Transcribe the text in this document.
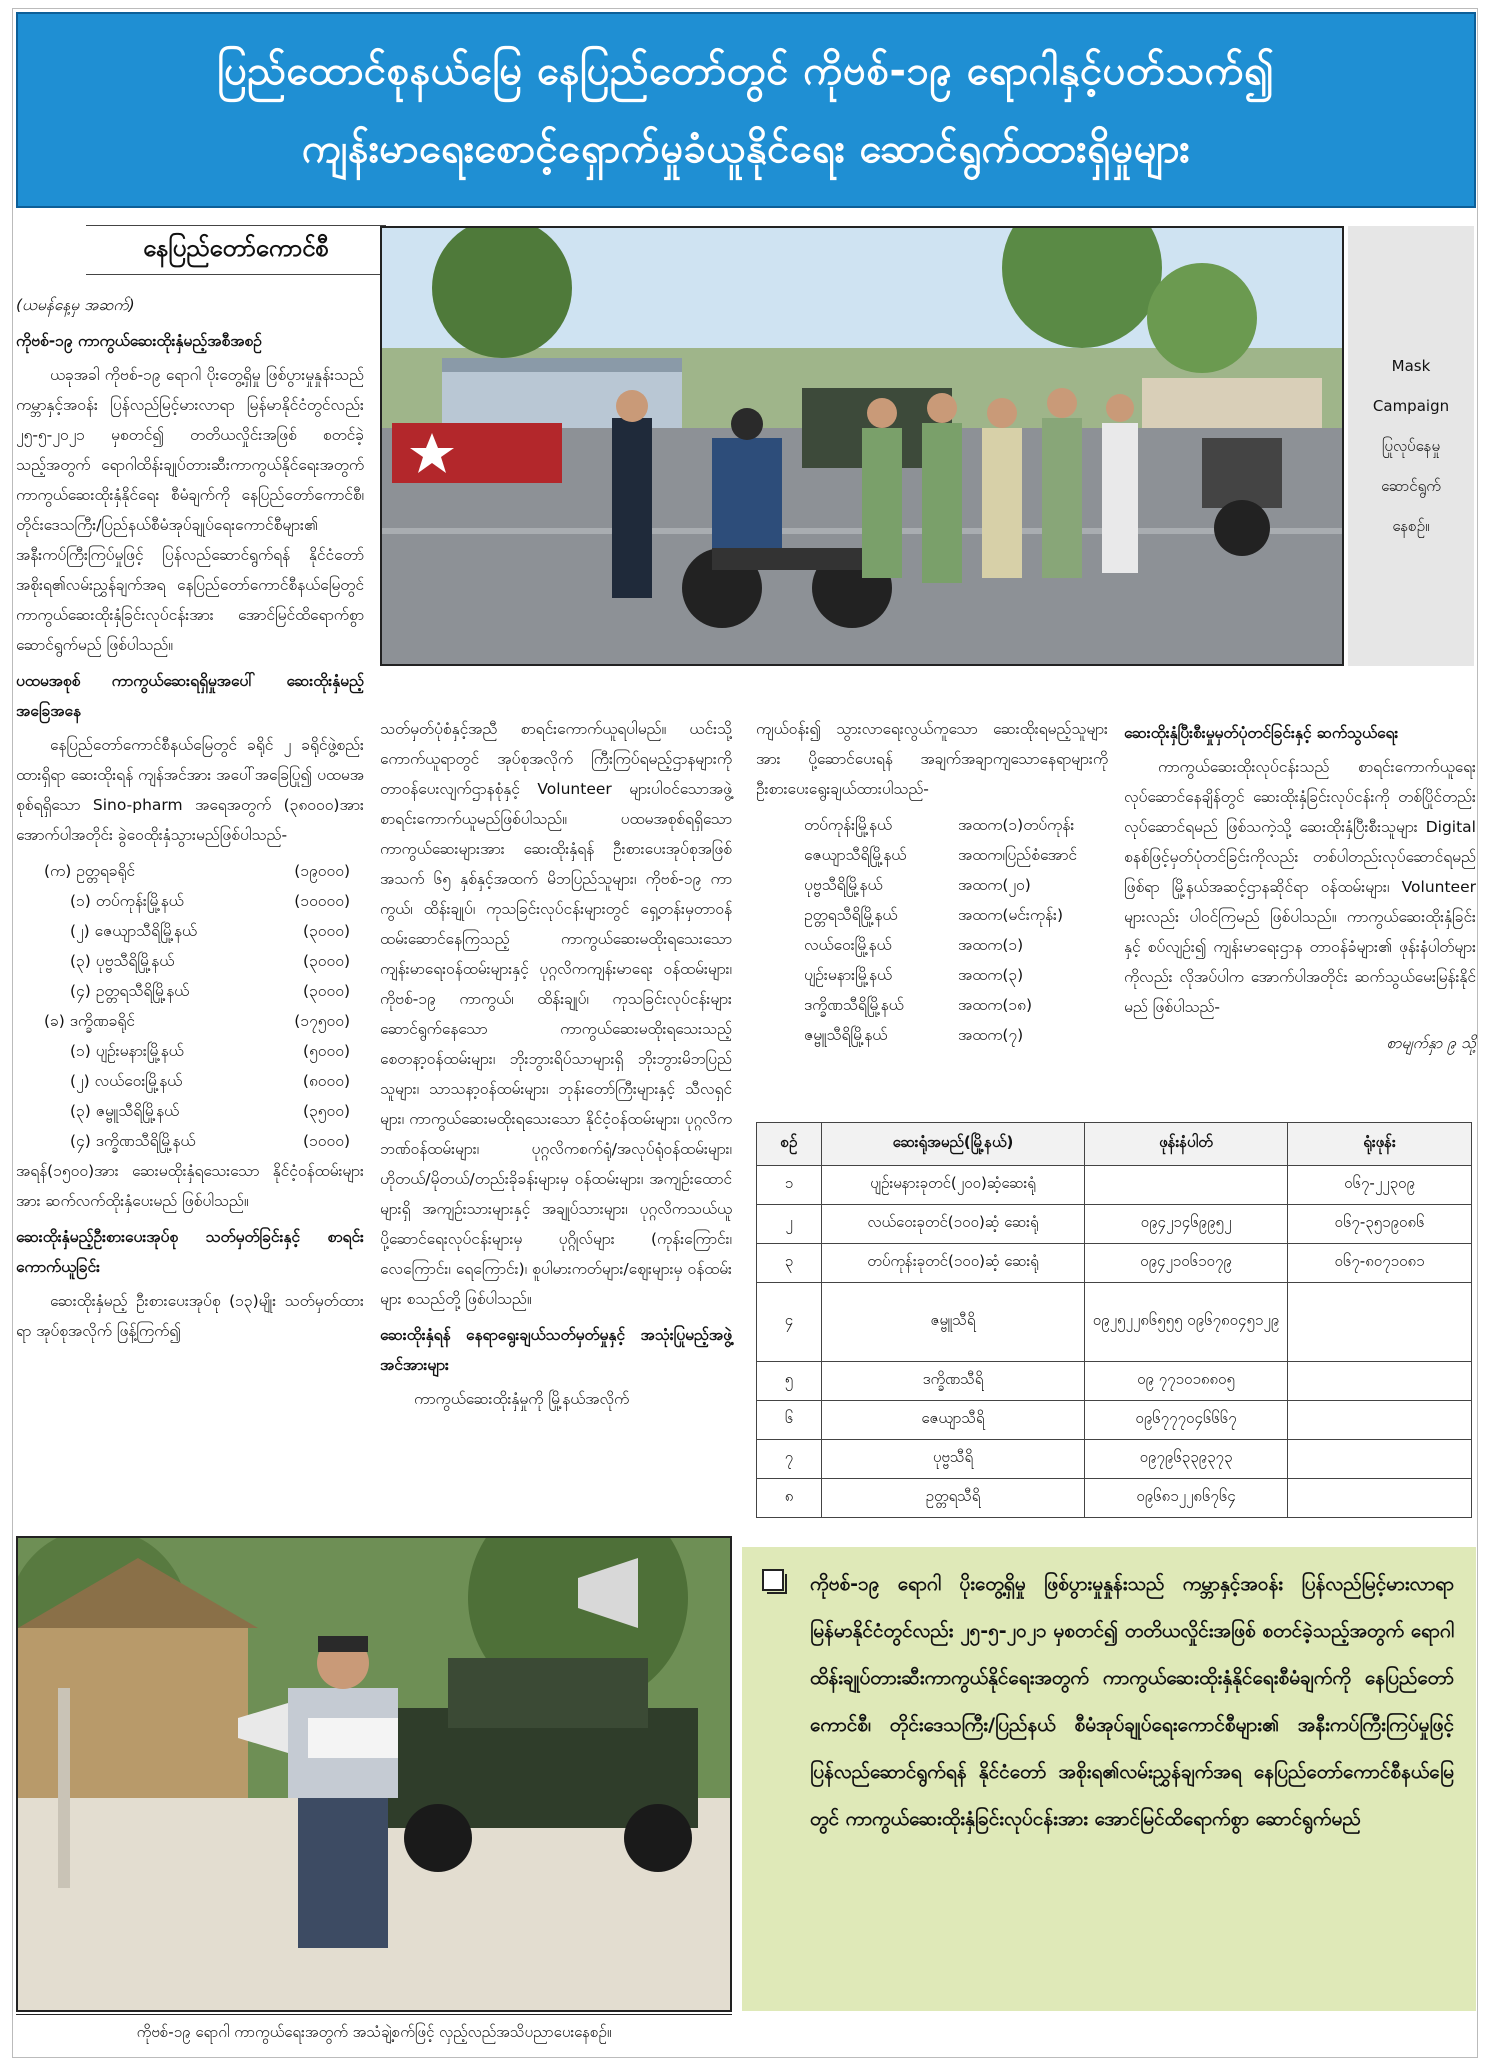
ပြည်ထောင်စုနယ်မြေ နေပြည်တော်တွင် ကိုဗစ်-၁၉ ရောဂါနှင့်ပတ်သက်၍
ကျန်းမာရေးစောင့်ရှောက်မှုခံယူနိုင်ရေး ဆောင်ရွက်ထားရှိမှုများ
နေပြည်တော်ကောင်စီ

(ယမန်နေ့မှ အဆက်)

ကိုဗစ်-၁၉ ကာကွယ်ဆေးထိုးနှံမည့်အစီအစဉ်

ယခုအခါ ကိုဗစ်-၁၉ ရောဂါ ပိုးတွေ့ရှိမှု ဖြစ်ပွားမှုနှုန်းသည် ကမ္ဘာနှင့်အဝန်း ပြန်လည်မြင့်မားလာရာ မြန်မာနိုင်ငံတွင်လည်း ၂၅-၅-၂၀၂၁ မှစတင်၍ တတိယလှိုင်းအဖြစ် စတင်ခဲ့သည့်အတွက် ရောဂါထိန်းချုပ်တားဆီးကာကွယ်နိုင်ရေးအတွက် ကာကွယ်ဆေးထိုးနှံနိုင်ရေး စီမံချက်ကို နေပြည်တော်ကောင်စီ၊ တိုင်းဒေသကြီး/ပြည်နယ်စီမံအုပ်ချုပ်ရေးကောင်စီများ၏ အနီးကပ်ကြီးကြပ်မှုဖြင့် ပြန်လည်ဆောင်ရွက်ရန် နိုင်ငံတော်အစိုးရ၏လမ်းညွှန်ချက်အရ နေပြည်တော်ကောင်စီနယ်မြေတွင် ကာကွယ်ဆေးထိုးနှံခြင်းလုပ်ငန်းအား အောင်မြင်ထိရောက်စွာ ဆောင်ရွက်မည် ဖြစ်ပါသည်။

ပထမအစုစ် ကာကွယ်ဆေးရရှိမှုအပေါ် ဆေးထိုးနှံမည့်အခြေအနေ

နေပြည်တော်ကောင်စီနယ်မြေတွင် ခရိုင် ၂ ခရိုင်ဖွဲ့စည်းထားရှိရာ ဆေးထိုးရန် ကျန်အင်အား အပေါ်အခြေပြု၍ ပထမအစုစ်ရရှိသော Sino-pharm အရေအတွက် (၃၈၀၀၀)အား အောက်ပါအတိုင်း ခွဲဝေထိုးနှံသွားမည်ဖြစ်ပါသည်-

(က) ဥတ္တရခရိုင်	(၁၉၀၀၀)
(၁) တပ်ကုန်းမြို့နယ်	(၁၀၀၀၀)
(၂) ဇေယျာသီရိမြို့နယ်	(၃၀၀၀)
(၃) ပုဗ္ဗသီရိမြို့နယ်	(၃၀၀၀)
(၄) ဥတ္တရသီရိမြို့နယ်	(၃၀၀၀)
(ခ) ဒက္ခိဏခရိုင်	(၁၇၅၀၀)
(၁) ပျဉ်းမနားမြို့နယ်	(၅၀၀၀)
(၂) လယ်ဝေးမြို့နယ်	(၈၀၀၀)
(၃) ဇမ္ဗူသီရိမြို့နယ်	(၃၅၀၀)
(၄) ဒက္ခိဏသီရိမြို့နယ်	(၁၀၀၀)

အရန်(၁၅၀၀)အား ဆေးမထိုးနှံရသေးသော နိုင်ငံ့ဝန်ထမ်းများအား ဆက်လက်ထိုးနှံပေးမည် ဖြစ်ပါသည်။

ဆေးထိုးနှံမည့်ဦးစားပေးအုပ်စု သတ်မှတ်ခြင်းနှင့် စာရင်းကောက်ယူခြင်း

ဆေးထိုးနှံမည့် ဦးစားပေးအုပ်စု (၁၃)မျိုး သတ်မှတ်ထားရာ အုပ်စုအလိုက် ဖြန့်ကြက်၍

Mask
Campaign
ပြုလုပ်နေမှု
ဆောင်ရွက်
နေစဉ်။

သတ်မှတ်ပုံစံနှင့်အညီ စာရင်းကောက်ယူရပါမည်။ ယင်းသို့ကောက်ယူရာတွင် အုပ်စုအလိုက် ကြီးကြပ်ရမည့်ဌာနများကို တာဝန်ပေးလျက်ဌာနစုံနှင့် Volunteer များပါဝင်သောအဖွဲ့ စာရင်းကောက်ယူမည်ဖြစ်ပါသည်။ ပထမအစုစ်ရရှိသော ကာကွယ်ဆေးများအား ဆေးထိုးနှံရန် ဦးစားပေးအုပ်စုအဖြစ် အသက် ၆၅ နှစ်နှင့်အထက် မိဘပြည်သူများ၊ ကိုဗစ်-၁၉ ကာကွယ်၊ ထိန်းချုပ်၊ ကုသခြင်းလုပ်ငန်းများတွင် ရှေ့တန်းမှတာဝန်ထမ်းဆောင်နေကြသည့် ကာကွယ်ဆေးမထိုးရသေးသော ကျန်းမာရေးဝန်ထမ်းများနှင့် ပုဂ္ဂလိကကျန်းမာရေး ဝန်ထမ်းများ၊ ကိုဗစ်-၁၉ ကာကွယ်၊ ထိန်းချုပ်၊ ကုသခြင်းလုပ်ငန်းများဆောင်ရွက်နေသော ကာကွယ်ဆေးမထိုးရသေးသည့် စေတနာ့ဝန်ထမ်းများ၊ ဘိုးဘွားရိပ်သာများရှိ ဘိုးဘွားမိဘပြည်သူများ၊ သာသနာ့ဝန်ထမ်းများ၊ ဘုန်းတော်ကြီးများနှင့် သီလရှင်များ၊ ကာကွယ်ဆေးမထိုးရသေးသော နိုင်ငံ့ဝန်ထမ်းများ၊ ပုဂ္ဂလိကဘဏ်ဝန်ထမ်းများ၊ ပုဂ္ဂလိကစက်ရုံ/အလုပ်ရုံဝန်ထမ်းများ၊ ဟိုတယ်/မိုတယ်/တည်းခိုခန်းများမှ ဝန်ထမ်းများ၊ အကျဉ်းထောင်များရှိ အကျဉ်းသားများနှင့် အချုပ်သားများ၊ ပုဂ္ဂလိကသယ်ယူပို့ဆောင်ရေးလုပ်ငန်းများမှ ပုဂ္ဂိုလ်များ (ကုန်းကြောင်း၊ လေကြောင်း၊ ရေကြောင်း)၊ စူပါမားကတ်များ/ဈေးများမှ ဝန်ထမ်းများ စသည်တို့ ဖြစ်ပါသည်။

ဆေးထိုးနှံရန် နေရာရွေးချယ်သတ်မှတ်မှုနှင့် အသုံးပြုမည့်အဖွဲ့အင်အားများ

ကာကွယ်ဆေးထိုးနှံမှုကို မြို့နယ်အလိုက်

ကျယ်ဝန်း၍ သွားလာရေးလွယ်ကူသော ဆေးထိုးရမည့်သူများအား ပို့ဆောင်ပေးရန် အချက်အချာကျသောနေရာများကို ဦးစားပေးရွေးချယ်ထားပါသည်-

တပ်ကုန်းမြို့နယ်	အထက(၁)တပ်ကုန်း
ဇေယျာသီရိမြို့နယ်	အထက၊ပြည်စံအောင်
ပုဗ္ဗသီရိမြို့နယ်	အထက(၂၀)
ဥတ္တရသီရိမြို့နယ်	အထက(မင်းကုန်း)
လယ်ဝေးမြို့နယ်	အထက(၁)
ပျဉ်းမနားမြို့နယ်	အထက(၃)
ဒက္ခိဏသီရိမြို့နယ်	အထက(၁၈)
ဇမ္ဗူသီရိမြို့နယ်	အထက(၇)

ဆေးထိုးနှံပြီးစီးမှုမှတ်ပုံတင်ခြင်းနှင့် ဆက်သွယ်ရေး

ကာကွယ်ဆေးထိုးလုပ်ငန်းသည် စာရင်းကောက်ယူရေးလုပ်ဆောင်နေချိန်တွင် ဆေးထိုးနှံခြင်းလုပ်ငန်းကို တစ်ပြိုင်တည်းလုပ်ဆောင်ရမည် ဖြစ်သကဲ့သို့ ဆေးထိုးနှံပြီးစီးသူများ Digital စနစ်ဖြင့်မှတ်ပုံတင်ခြင်းကိုလည်း တစ်ပါတည်းလုပ်ဆောင်ရမည်ဖြစ်ရာ မြို့နယ်အဆင့်ဌာနဆိုင်ရာ ဝန်ထမ်းများ၊ Volunteer များလည်း ပါဝင်ကြမည် ဖြစ်ပါသည်။ ကာကွယ်ဆေးထိုးနှံခြင်းနှင့် စပ်လျဉ်း၍ ကျန်းမာရေးဌာန တာဝန်ခံများ၏ ဖုန်းနံပါတ်များကိုလည်း လိုအပ်ပါက အောက်ပါအတိုင်း ဆက်သွယ်မေးမြန်းနိုင်မည် ဖြစ်ပါသည်-

စာမျက်နှာ ၉ သို့

စဉ်	ဆေးရုံအမည်(မြို့နယ်)	ဖုန်းနံပါတ်	ရုံးဖုန်း
၁	ပျဉ်းမနားခုတင်(၂၀၀)ဆံ့ဆေးရုံ		၀၆၇-၂၂၃၀၉
၂	လယ်ဝေးခုတင်(၁၀၀)ဆံ့ ဆေးရုံ	၀၉၄၂၁၄၆၉၉၅၂	၀၆၇-၃၅၁၉၀၈၆
၃	တပ်ကုန်းခုတင်(၁၀၀)ဆံ့ ဆေးရုံ	၀၉၄၂၁၀၆၁၀၇၉	၀၆၇-၈၀၇၁၀၈၁
၄	ဇမ္ဗူသီရိ	၀၉၂၅၂၂၈၆၅၅၅ ၀၉၆၇၈၀၄၅၁၂၉	
၅	ဒက္ခိဏသီရိ	၀၉ ၇၇၁၀၁၈၈၀၅	
၆	ဇေယျာသီရိ	၀၉၆၇၇၇၀၄၆၆၆၇	
၇	ပုဗ္ဗသီရိ	၀၉၇၉၆၃၃၉၃၇၃	
၈	ဥတ္တရသီရိ	၀၉၆၈၁၂၂၈၆၇၆၄	
ကိုဗစ်-၁၉ ရောဂါ ပိုးတွေ့ရှိမှု ဖြစ်ပွားမှုနှုန်းသည် ကမ္ဘာနှင့်အဝန်း ပြန်လည်မြင့်မားလာရာ မြန်မာနိုင်ငံတွင်လည်း ၂၅-၅-၂၀၂၁ မှစတင်၍ တတိယလှိုင်းအဖြစ် စတင်ခဲ့သည့်အတွက် ရောဂါထိန်းချုပ်တားဆီးကာကွယ်နိုင်ရေးအတွက် ကာကွယ်ဆေးထိုးနှံနိုင်ရေးစီမံချက်ကို နေပြည်တော်ကောင်စီ၊ တိုင်းဒေသကြီး/ပြည်နယ် စီမံအုပ်ချုပ်ရေးကောင်စီများ၏ အနီးကပ်ကြီးကြပ်မှုဖြင့် ပြန်လည်ဆောင်ရွက်ရန် နိုင်ငံတော် အစိုးရ၏လမ်းညွှန်ချက်အရ နေပြည်တော်ကောင်စီနယ်မြေတွင် ကာကွယ်ဆေးထိုးနှံခြင်းလုပ်ငန်းအား အောင်မြင်ထိရောက်စွာ ဆောင်ရွက်မည်
ကိုဗစ်-၁၉ ရောဂါ ကာကွယ်ရေးအတွက် အသံချဲ့စက်ဖြင့် လှည့်လည်အသိပညာပေးနေစဉ်။
